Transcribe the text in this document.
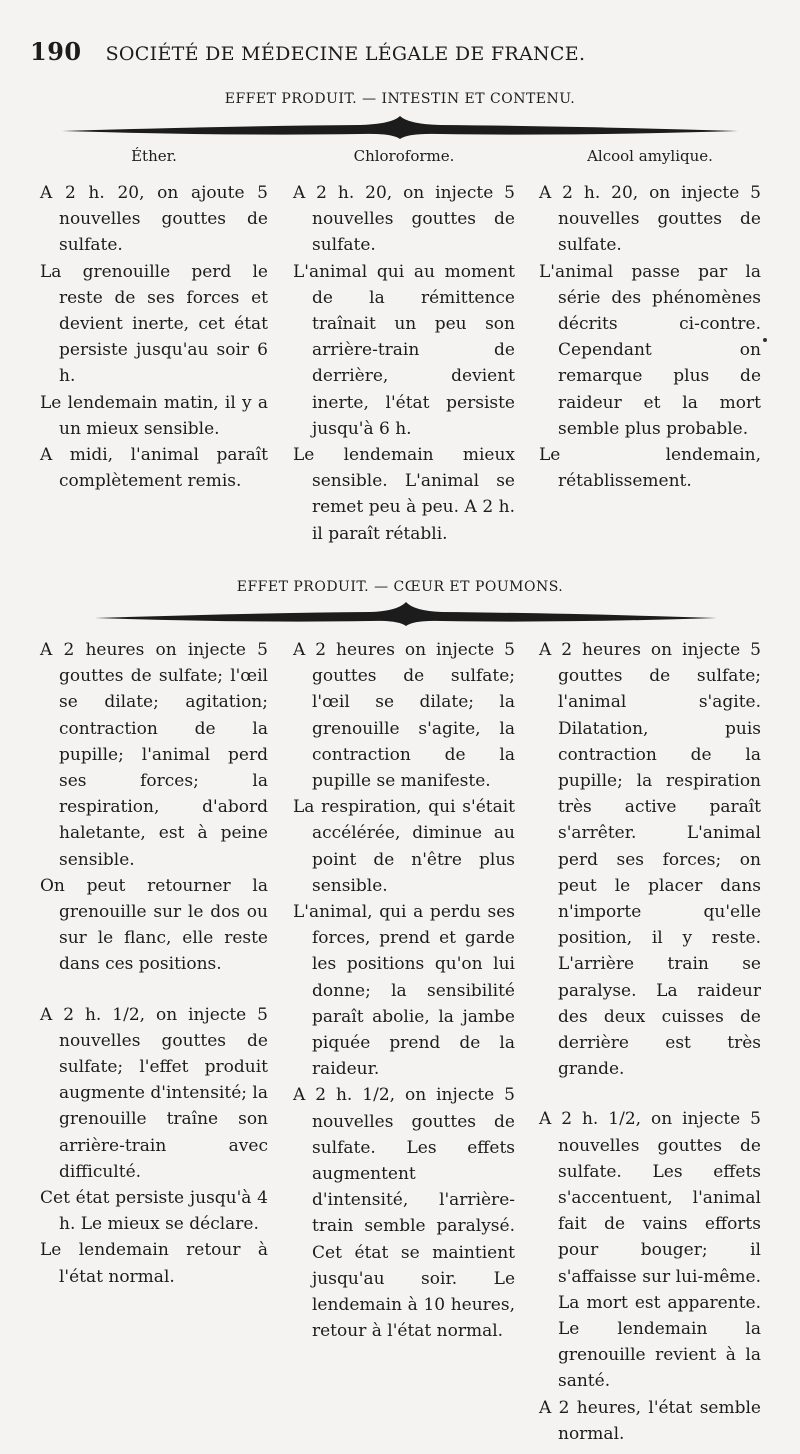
190 SOCIÉTÉ DE MÉDECINE LÉGALE DE FRANCE.
EFFET PRODUIT. — INTESTIN ET CONTENU.
Éther.	Chloroforme.	Alcool amylique.

A 2 h. 20, on ajoute 5 nouvelles gouttes de sulfate.

La grenouille perd le reste de ses forces et devient inerte, cet état persiste jusqu'au soir 6 h.

Le lendemain matin, il y a un mieux sensible.

A midi, l'animal paraît complètement remis.

A 2 h. 20, on injecte 5 nouvelles gouttes de sulfate.

L'animal qui au moment de la rémittence traînait un peu son arrière-train de derrière, devient inerte, l'état persiste jusqu'à 6 h.

Le lendemain mieux sensible. L'animal se remet peu à peu. A 2 h. il paraît rétabli.

A 2 h. 20, on injecte 5 nouvelles gouttes de sulfate.

L'animal passe par la série des phénomènes décrits ci-contre. Cependant on remarque plus de raideur et la mort semble plus probable.

Le lendemain, rétablissement.

EFFET PRODUIT. — CŒUR ET POUMONS.

A 2 heures on injecte 5 gouttes de sulfate; l'œil se dilate; agitation; contraction de la pupille; l'animal perd ses forces; la respiration, d'abord haletante, est à peine sensible.

On peut retourner la grenouille sur le dos ou sur le flanc, elle reste dans ces positions.

A 2 h. 1/2, on injecte 5 nouvelles gouttes de sulfate; l'effet produit augmente d'intensité; la grenouille traîne son arrière-train avec difficulté.

Cet état persiste jusqu'à 4 h. Le mieux se déclare.

Le lendemain retour à l'état normal.

A 2 heures on injecte 5 gouttes de sulfate; l'œil se dilate; la grenouille s'agite, la contraction de la pupille se manifeste.

La respiration, qui s'était accélérée, diminue au point de n'être plus sensible.

L'animal, qui a perdu ses forces, prend et garde les positions qu'on lui donne; la sensibilité paraît abolie, la jambe piquée prend de la raideur.

A 2 h. 1/2, on injecte 5 nouvelles gouttes de sulfate. Les effets augmentent d'intensité, l'arrière-train semble paralysé. Cet état se maintient jusqu'au soir. Le lendemain à 10 heures, retour à l'état normal.

A 2 heures on injecte 5 gouttes de sulfate; l'animal s'agite. Dilatation, puis contraction de la pupille; la respiration très active paraît s'arrêter. L'animal perd ses forces; on peut le placer dans n'importe qu'elle position, il y reste. L'arrière train se paralyse. La raideur des deux cuisses de derrière est très grande.

A 2 h. 1/2, on injecte 5 nouvelles gouttes de sulfate. Les effets s'accentuent, l'animal fait de vains efforts pour bouger; il s'affaisse sur lui-même. La mort est apparente. Le lendemain la grenouille revient à la santé.

A 2 heures, l'état semble normal.
